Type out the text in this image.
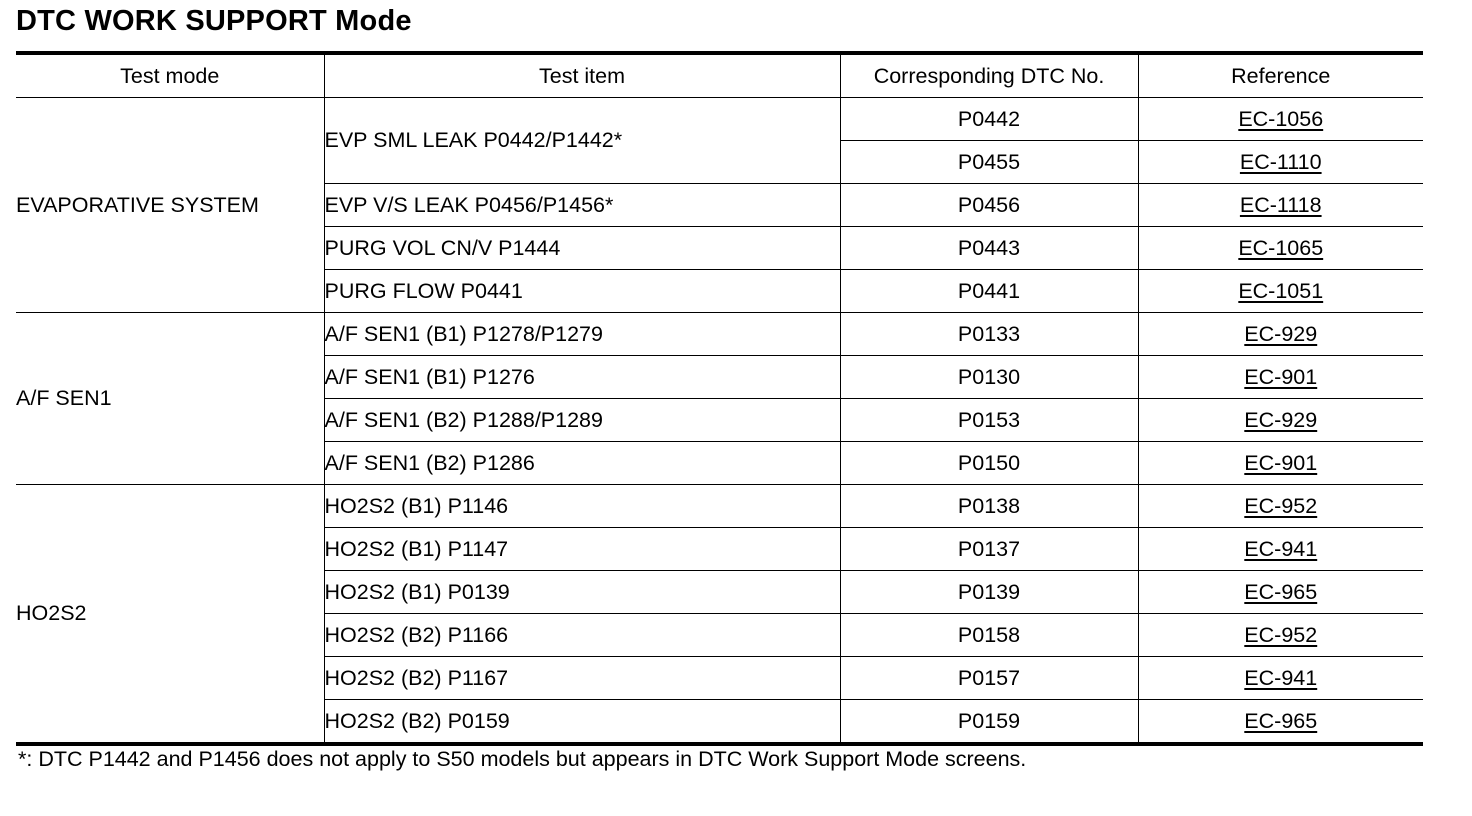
DTC WORK SUPPORT Mode
Test mode	Test item	Corresponding DTC No.	Reference
EVAPORATIVE SYSTEM	EVP SML LEAK P0442/P1442*	P0442	EC-1056
		P0455	EC-1110
	EVP V/S LEAK P0456/P1456*	P0456	EC-1118
	PURG VOL CN/V P1444	P0443	EC-1065
	PURG FLOW P0441	P0441	EC-1051
A/F SEN1	A/F SEN1 (B1) P1278/P1279	P0133	EC-929
	A/F SEN1 (B1) P1276	P0130	EC-901
	A/F SEN1 (B2) P1288/P1289	P0153	EC-929
	A/F SEN1 (B2) P1286	P0150	EC-901
HO2S2	HO2S2 (B1) P1146	P0138	EC-952
	HO2S2 (B1) P1147	P0137	EC-941
	HO2S2 (B1) P0139	P0139	EC-965
	HO2S2 (B2) P1166	P0158	EC-952
	HO2S2 (B2) P1167	P0157	EC-941
	HO2S2 (B2) P0159	P0159	EC-965
*: DTC P1442 and P1456 does not apply to S50 models but appears in DTC Work Support Mode screens.
